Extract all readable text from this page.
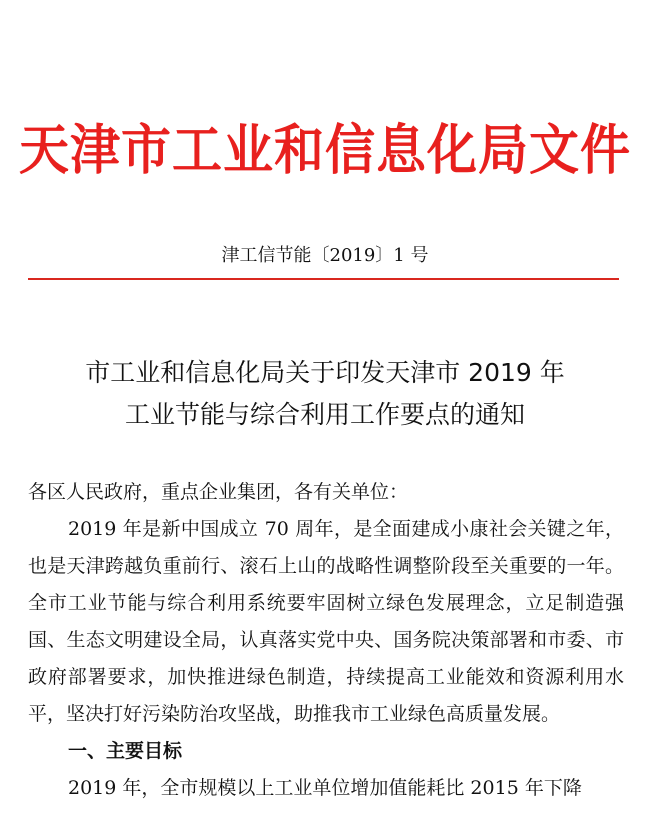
天津市工业和信息化局文件
津工信节能〔2019〕1 号
市工业和信息化局关于印发天津市 2019 年
工业节能与综合利用工作要点的通知

各区人民政府，重点企业集团，各有关单位：

2019 年是新中国成立 70 周年，是全面建成小康社会关键之年，也是天津跨越负重前行、滚石上山的战略性调整阶段至关重要的一年。全市工业节能与综合利用系统要牢固树立绿色发展理念，立足制造强国、生态文明建设全局，认真落实党中央、国务院决策部署和市委、市政府部署要求，加快推进绿色制造，持续提高工业能效和资源利用水平，坚决打好污染防治攻坚战，助推我市工业绿色高质量发展。

一、主要目标

2019 年，全市规模以上工业单位增加值能耗比 2015 年下降
